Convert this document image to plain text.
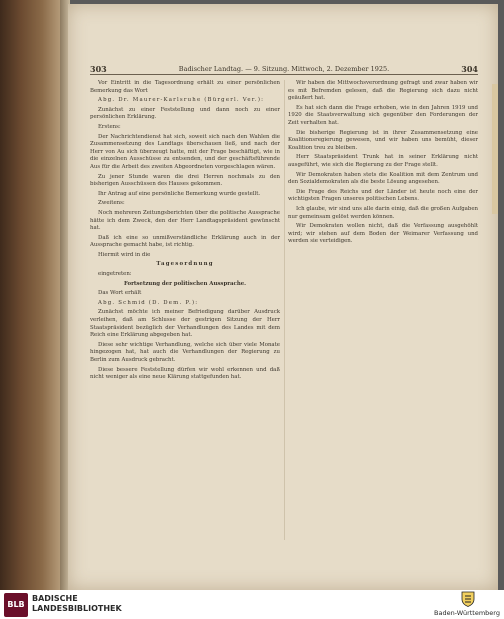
303	Badischer Landtag. — 9. Sitzung. Mittwoch, 2. Dezember 1925.	304

Vor Eintritt in die Tagesordnung erhält zu einer persönlichen Bemerkung das Wort

Abg. Dr. Maurer-Karlsruhe (Bürgerl. Ver.):

Zunächst zu einer Feststellung und dann noch zu einer persönlichen Erklärung.

Erstens:

Der Nachrichtendienst hat sich, soweit sich nach den Wahlen die Zusammensetzung des Landtags überschauen ließ, und nach der Herr von Au sich überzeugt hatte, mit der Frage beschäftigt, wie in die einzelnen Ausschüsse zu entsenden, und der geschäftsführende Aus für die Arbeit des zweiten Abgeordneten vorgeschlagen wären.

Zu jener Stunde waren die drei Herren nochmals zu den bisherigen Ausschüssen des Hauses gekommen.

Ihr Antrag auf eine persönliche Bemerkung wurde gestellt.

Zweitens:

Noch mehreren Zeitungsberichten über die politische Aussprache hätte ich dem Zweck, den der Herr Landtagspräsident gewünscht hat.

Daß ich eine so unmißverständliche Erklärung auch in der Aussprache gemacht habe, ist richtig.

Hiermit wird in die

Tagesordnung

eingetreten:

Fortsetzung der politischen Aussprache.

Das Wort erhält

Abg. Schmid (D. Dem. P.):

Zunächst möchte ich meiner Befriedigung darüber Ausdruck verleihen, daß am Schlusse der gestrigen Sitzung der Herr Staatspräsident bezüglich der Verhandlungen des Landes mit dem Reich eine Erklärung abgegeben hat.

Diese sehr wichtige Verhandlung, welche sich über viele Monate hingezogen hat, hat auch die Verhandlungen der Regierung zu Berlin zum Ausdruck gebracht.

Diese bessere Feststellung dürfen wir wohl erkennen und daß nicht weniger als eine neue Klärung stattgefunden hat.

Wir haben die Mittwochsverordnung gefragt und zwar haben wir es mit Befremden gelesen, daß die Regierung sich dazu nicht geäußert hat.

Es hat sich dann die Frage erhoben, wie in den Jahren 1919 und 1920 die Staatsverwaltung sich gegenüber den Forderungen der Zeit verhalten hat.

Die bisherige Regierung ist in ihrer Zusammensetzung eine Koalitionsregierung gewesen, und wir haben uns bemüht, dieser Koalition treu zu bleiben.

Herr Staatspräsident Trunk hat in seiner Erklärung nicht ausgeführt, wie sich die Regierung zu der Frage stellt.

Wir Demokraten haben stets die Koalition mit dem Zentrum und den Sozialdemokraten als die beste Lösung angesehen.

Die Frage des Reichs und der Länder ist heute noch eine der wichtigsten Fragen unseres politischen Lebens.

Ich glaube, wir sind uns alle darin einig, daß die großen Aufgaben nur gemeinsam gelöst werden können.

Wir Demokraten wollen nicht, daß die Verfassung ausgehöhlt wird; wir stehen auf dem Boden der Weimarer Verfassung und werden sie verteidigen.

BLB
BADISCHE
LANDESBIBLIOTHEK	Baden-Württemberg
